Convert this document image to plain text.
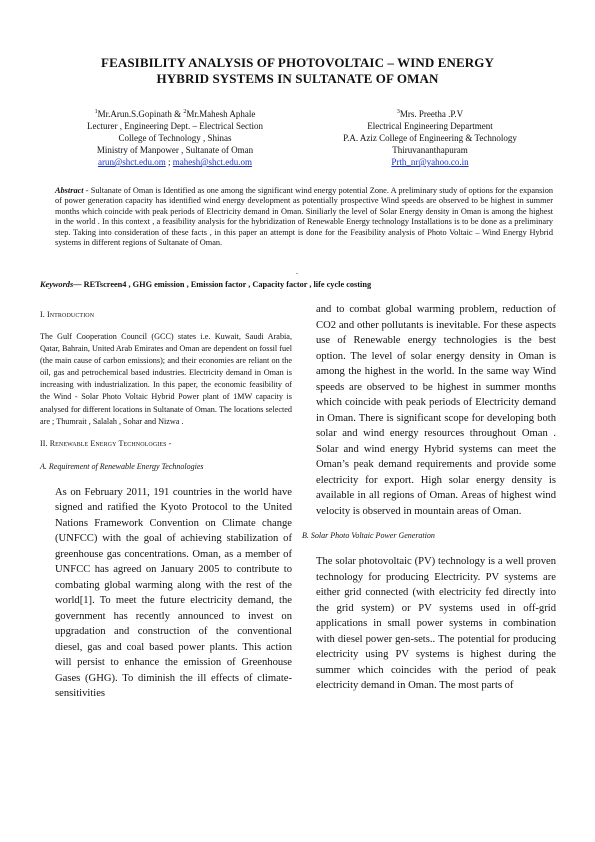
FEASIBILITY ANALYSIS OF PHOTOVOLTAIC – WIND ENERGY
HYBRID SYSTEMS IN SULTANATE OF OMAN
$^1$Mr.Arun.S.Gopinath & $^2$Mr.Mahesh Aphale
Lecturer , Engineering Dept. – Electrical Section
College of Technology , Shinas
Ministry of Manpower , Sultanate of Oman
arun@shct.edu.om ; mahesh@shct.edu.om
$^3$Mrs. Preetha .P.V
Electrical Engineering Department
P.A. Aziz College of Engineering & Technology
Thiruvananthapuram
Prth_nr@yahoo.co.in
Abstract - Sultanate of Oman is Identified as one among the significant wind energy potential Zone. A preliminary study of options for the expansion of power generation capacity has identified wind energy development as potentially prospective Wind speeds are observed to be highest in summer months which coincide with peak periods of Electricity demand in Oman. Siniliarly the level of Solar Energy density in Oman is among the highest in the world . In this context , a feasibility analysis for the hybridization of Renewable Energy technology Installations is to be done as a preliminary step. Taking into consideration of these facts , in this paper an attempt is done for the Feasibility analysis of Photo Voltaic – Wind Energy Hybrid systems in different regions of Sultanate of Oman.
.
Keywords— RETscreen4 , GHG emission , Emission factor , Capacity factor , life cycle costing
I. Introduction

The Gulf Cooperation Council (GCC) states i.e. Kuwait, Saudi Arabia, Qatar, Bahrain, United Arab Emirates and Oman are dependent on fossil fuel (the main cause of carbon emissions); and their economies are reliant on the oil, gas and petrochemical based industries. Electricity demand in Oman is increasing with industrialization. In this paper, the economic feasibility of the Wind - Solar Photo Voltaic Hybrid Power plant of 1MW capacity is analysed for different locations in Sultanate of Oman. The locations selected are ; Thumrait , Salalah , Sohar and Nizwa .

II. Renewable Energy Technologies -
A. Requirement of Renewable Energy Technologies

As on February 2011, 191 countries in the world have signed and ratified the Kyoto Protocol to the United Nations Framework Convention on Climate change (UNFCC) with the goal of achieving stabilization of greenhouse gas concentrations. Oman, as a member of UNFCC has agreed on January 2005 to contribute to combating global warming along with the rest of the world[1]. To meet the future electricity demand, the government has recently announced to invest on upgradation and construction of the conventional diesel, gas and coal based power plants. This action will persist to enhance the emission of Greenhouse Gases (GHG). To diminish the ill effects of climate-sensitivities

and to combat global warming problem, reduction of CO2 and other pollutants is inevitable. For these aspects use of Renewable energy technologies is the best option. The level of solar energy density in Oman is among the highest in the world. In the same way Wind speeds are observed to be highest in summer months which coincide with peak periods of Electricity demand in Oman. There is significant scope for developing both solar and wind energy resources throughout Oman . Solar and wind energy Hybrid systems can meet the Oman’s peak demand requirements and provide some electricity for export. High solar energy density is available in all regions of Oman. Areas of highest wind velocity is observed in mountain areas of Oman.

B. Solar Photo Voltaic Power Generation

The solar photovoltaic (PV) technology is a well proven technology for producing Electricity. PV systems are either grid connected (with electricity fed directly into the grid system) or PV systems used in off-grid applications in small power systems in combination with diesel power gen-sets.. The potential for producing electricity using PV systems is highest during the summer which coincides with the period of peak electricity demand in Oman. The most parts of
